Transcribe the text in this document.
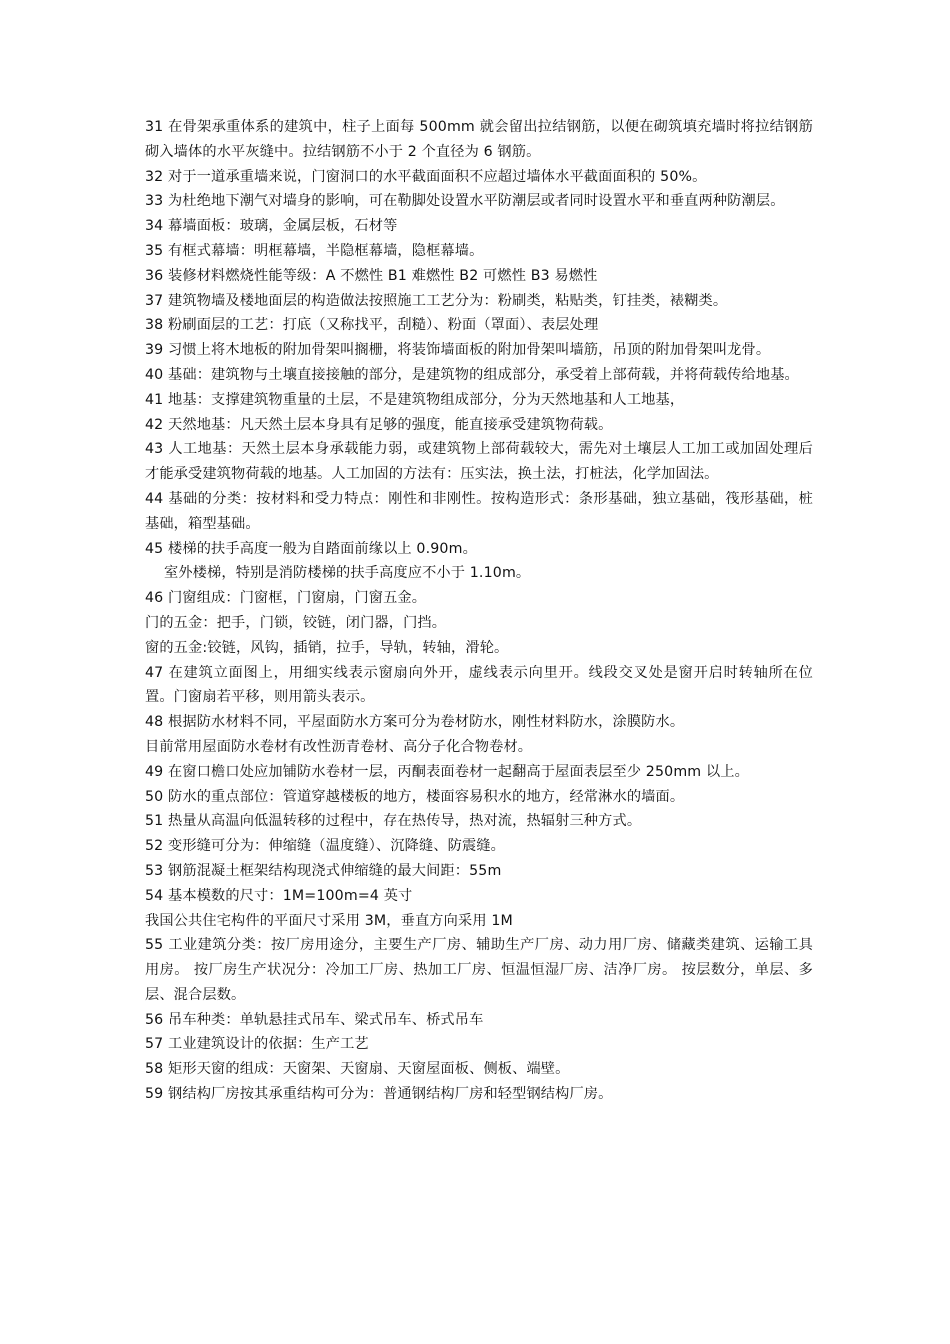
31 在骨架承重体系的建筑中，柱子上面每 500mm 就会留出拉结钢筋，以便在砌筑填充墙时将拉结钢筋砌入墙体的水平灰缝中。拉结钢筋不小于 2 个直径为 6 钢筋。

32 对于一道承重墙来说，门窗洞口的水平截面面积不应超过墙体水平截面面积的 50%。

33 为杜绝地下潮气对墙身的影响，可在勒脚处设置水平防潮层或者同时设置水平和垂直两种防潮层。

34 幕墙面板：玻璃，金属层板，石材等

35 有框式幕墙：明框幕墙，半隐框幕墙，隐框幕墙。

36 装修材料燃烧性能等级：A 不燃性 B1 难燃性 B2 可燃性 B3 易燃性

37 建筑物墙及楼地面层的构造做法按照施工工艺分为：粉刷类，粘贴类，钉挂类，裱糊类。

38 粉刷面层的工艺：打底（又称找平，刮糙）、粉面（罩面）、表层处理

39 习惯上将木地板的附加骨架叫搁栅，将装饰墙面板的附加骨架叫墙筋，吊顶的附加骨架叫龙骨。

40 基础：建筑物与土壤直接接触的部分，是建筑物的组成部分，承受着上部荷载，并将荷载传给地基。

41 地基：支撑建筑物重量的土层，不是建筑物组成部分，分为天然地基和人工地基，

42 天然地基：凡天然土层本身具有足够的强度，能直接承受建筑物荷载。

43 人工地基：天然土层本身承载能力弱，或建筑物上部荷载较大，需先对土壤层人工加工或加固处理后才能承受建筑物荷载的地基。人工加固的方法有：压实法，换土法，打桩法，化学加固法。

44 基础的分类：按材料和受力特点：刚性和非刚性。按构造形式：条形基础，独立基础，筏形基础，桩基础，箱型基础。

45 楼梯的扶手高度一般为自踏面前缘以上 0.90m。

室外楼梯，特别是消防楼梯的扶手高度应不小于 1.10m。

46 门窗组成：门窗框，门窗扇，门窗五金。

门的五金：把手，门锁，铰链，闭门器，门挡。

窗的五金:铰链，风钩，插销，拉手，导轨，转轴，滑轮。

47 在建筑立面图上，用细实线表示窗扇向外开，虚线表示向里开。线段交叉处是窗开启时转轴所在位置。门窗扇若平移，则用箭头表示。

48 根据防水材料不同，平屋面防水方案可分为卷材防水，刚性材料防水，涂膜防水。

目前常用屋面防水卷材有改性沥青卷材、高分子化合物卷材。

49 在窗口檐口处应加铺防水卷材一层，丙酮表面卷材一起翻高于屋面表层至少 250mm 以上。

50 防水的重点部位：管道穿越楼板的地方，楼面容易积水的地方，经常淋水的墙面。

51 热量从高温向低温转移的过程中，存在热传导，热对流，热辐射三种方式。

52 变形缝可分为：伸缩缝（温度缝）、沉降缝、防震缝。

53 钢筋混凝土框架结构现浇式伸缩缝的最大间距：55m

54 基本模数的尺寸：1M=100m=4 英寸

我国公共住宅构件的平面尺寸采用 3M，垂直方向采用 1M

55 工业建筑分类：按厂房用途分，主要生产厂房、辅助生产厂房、动力用厂房、储藏类建筑、运输工具用房。 按厂房生产状况分：冷加工厂房、热加工厂房、恒温恒湿厂房、洁净厂房。 按层数分，单层、多层、混合层数。

56 吊车种类：单轨悬挂式吊车、梁式吊车、桥式吊车

57 工业建筑设计的依据：生产工艺

58 矩形天窗的组成：天窗架、天窗扇、天窗屋面板、侧板、端壁。

59 钢结构厂房按其承重结构可分为：普通钢结构厂房和轻型钢结构厂房。
